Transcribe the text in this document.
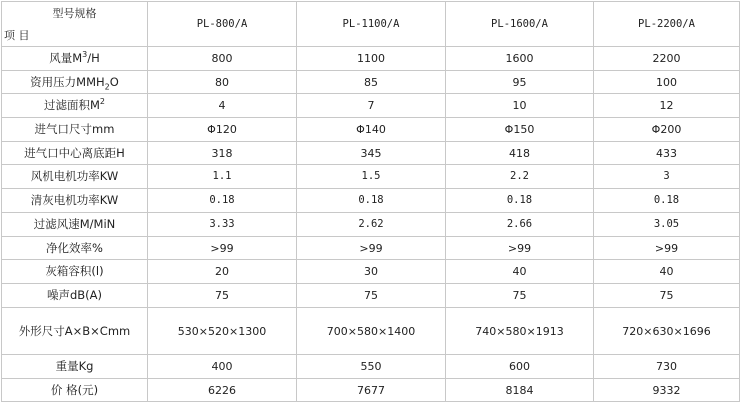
型号规格
项 目	PL-800/A	PL-1100/A	PL-1600/A	PL-2200/A
风量$M^3/H$	800	1100	1600	2200
资用压力$MMH_2O$	80	85	95	100
过滤面积$M^2$	4	7	10	12
进气口尺寸mm	Φ120	Φ140	Φ150	Φ200
进气口中心离底距H	318	345	418	433
风机电机功率KW	1.1	1.5	2.2	3
清灰电机功率KW	0.18	0.18	0.18	0.18
过滤风速M/MiN	3.33	2.62	2.66	3.05
净化效率%	>99	>99	>99	>99
灰箱容积(l)	20	30	40	40
噪声dB(A)	75	75	75	75
外形尺寸A×B×Cmm	530×520×1300	700×580×1400	740×580×1913	720×630×1696
重量Kg	400	550	600	730
价 格(元)	6226	7677	8184	9332
